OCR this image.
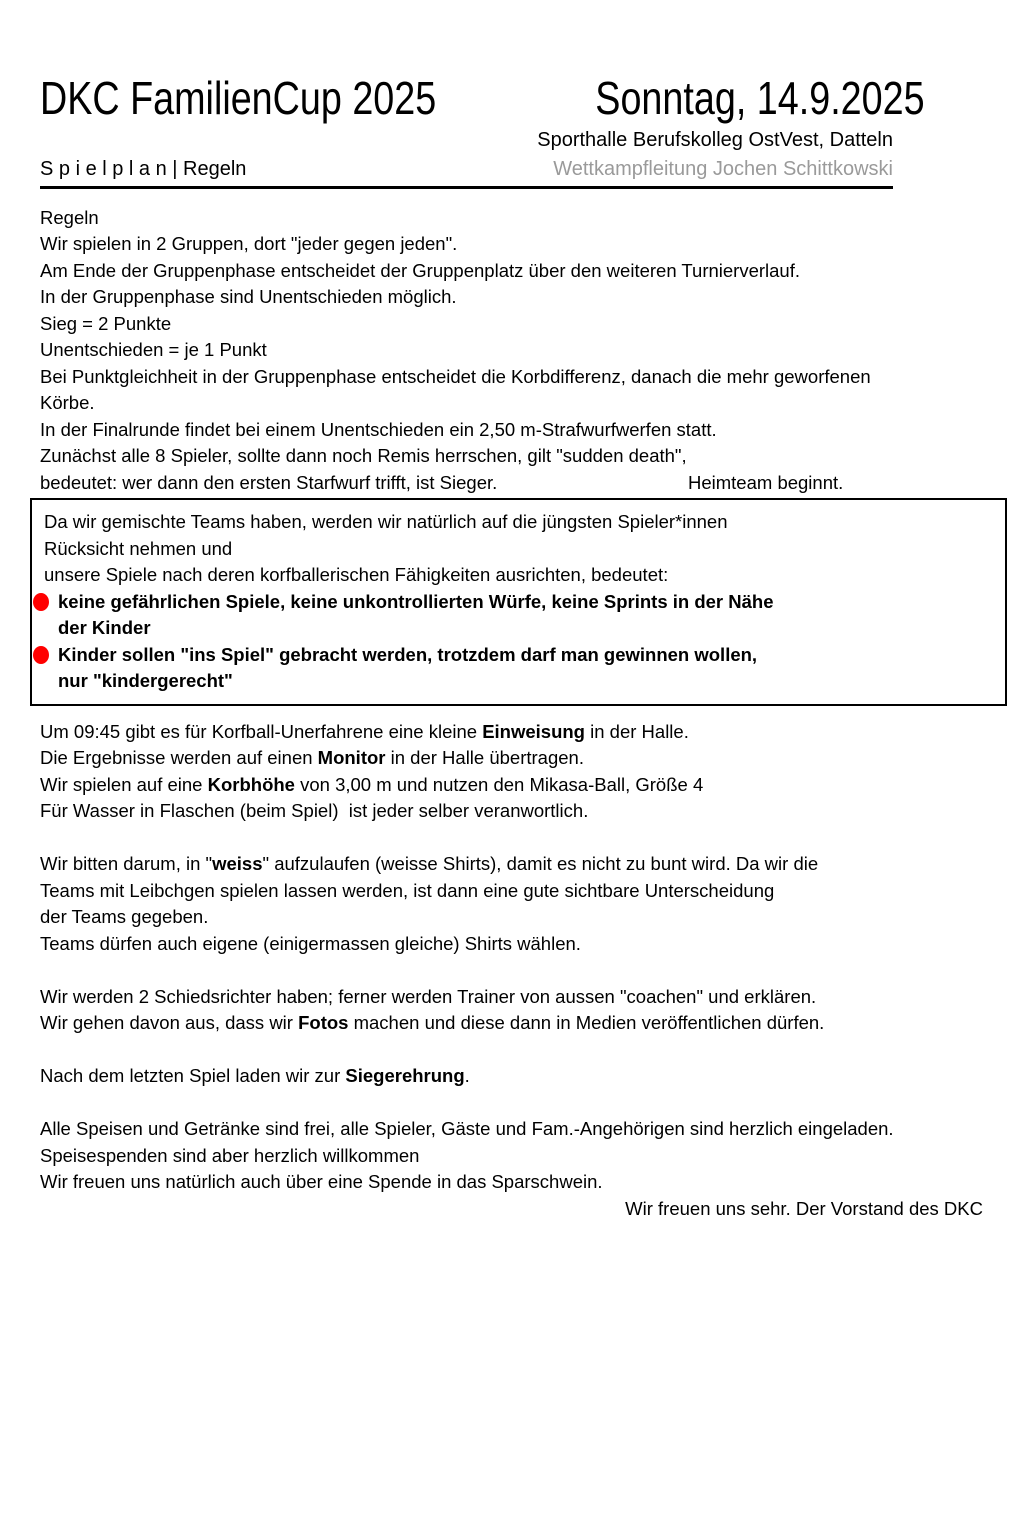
DKC FamilienCup 2025	Sonntag, 14.9.2025
Sporthalle Berufskolleg OstVest, Datteln
S p i e l p l a n | Regeln	Wettkampfleitung Jochen Schittkowski
Regeln
Wir spielen in 2 Gruppen, dort "jeder gegen jeden".
Am Ende der Gruppenphase entscheidet der Gruppenplatz über den weiteren Turnierverlauf.
In der Gruppenphase sind Unentschieden möglich.
Sieg = 2 Punkte
Unentschieden = je 1 Punkt
Bei Punktgleichheit in der Gruppenphase entscheidet die Korbdifferenz, danach die mehr geworfenen
Körbe.
In der Finalrunde findet bei einem Unentschieden ein 2,50 m-Strafwurfwerfen statt.
Zunächst alle 8 Spieler, sollte dann noch Remis herrschen, gilt "sudden death",
bedeutet: wer dann den ersten Starfwurf trifft, ist Sieger.	Heimteam beginnt.
Da wir gemischte Teams haben, werden wir natürlich auf die jüngsten Spieler*innen
Rücksicht nehmen und
unsere Spiele nach deren korfballerischen Fähigkeiten ausrichten, bedeutet:
keine gefährlichen Spiele, keine unkontrollierten Würfe, keine Sprints in der Nähe
der Kinder
Kinder sollen "ins Spiel" gebracht werden, trotzdem darf man gewinnen wollen,
nur "kindergerecht"
Um 09:45 gibt es für Korfball-Unerfahrene eine kleine Einweisung in der Halle.
Die Ergebnisse werden auf einen Monitor in der Halle übertragen.
Wir spielen auf eine Korbhöhe von 3,00 m und nutzen den Mikasa-Ball, Größe 4
Für Wasser in Flaschen (beim Spiel)  ist jeder selber veranwortlich.
Wir bitten darum, in "weiss" aufzulaufen (weisse Shirts), damit es nicht zu bunt wird. Da wir die
Teams mit Leibchgen spielen lassen werden, ist dann eine gute sichtbare Unterscheidung
der Teams gegeben.
Teams dürfen auch eigene (einigermassen gleiche) Shirts wählen.
Wir werden 2 Schiedsrichter haben; ferner werden Trainer von aussen "coachen" und erklären.
Wir gehen davon aus, dass wir Fotos machen und diese dann in Medien veröffentlichen dürfen.
Nach dem letzten Spiel laden wir zur Siegerehrung.
Alle Speisen und Getränke sind frei, alle Spieler, Gäste und Fam.-Angehörigen sind herzlich eingeladen.
Speisespenden sind aber herzlich willkommen
Wir freuen uns natürlich auch über eine Spende in das Sparschwein.
Wir freuen uns sehr. Der Vorstand des DKC
